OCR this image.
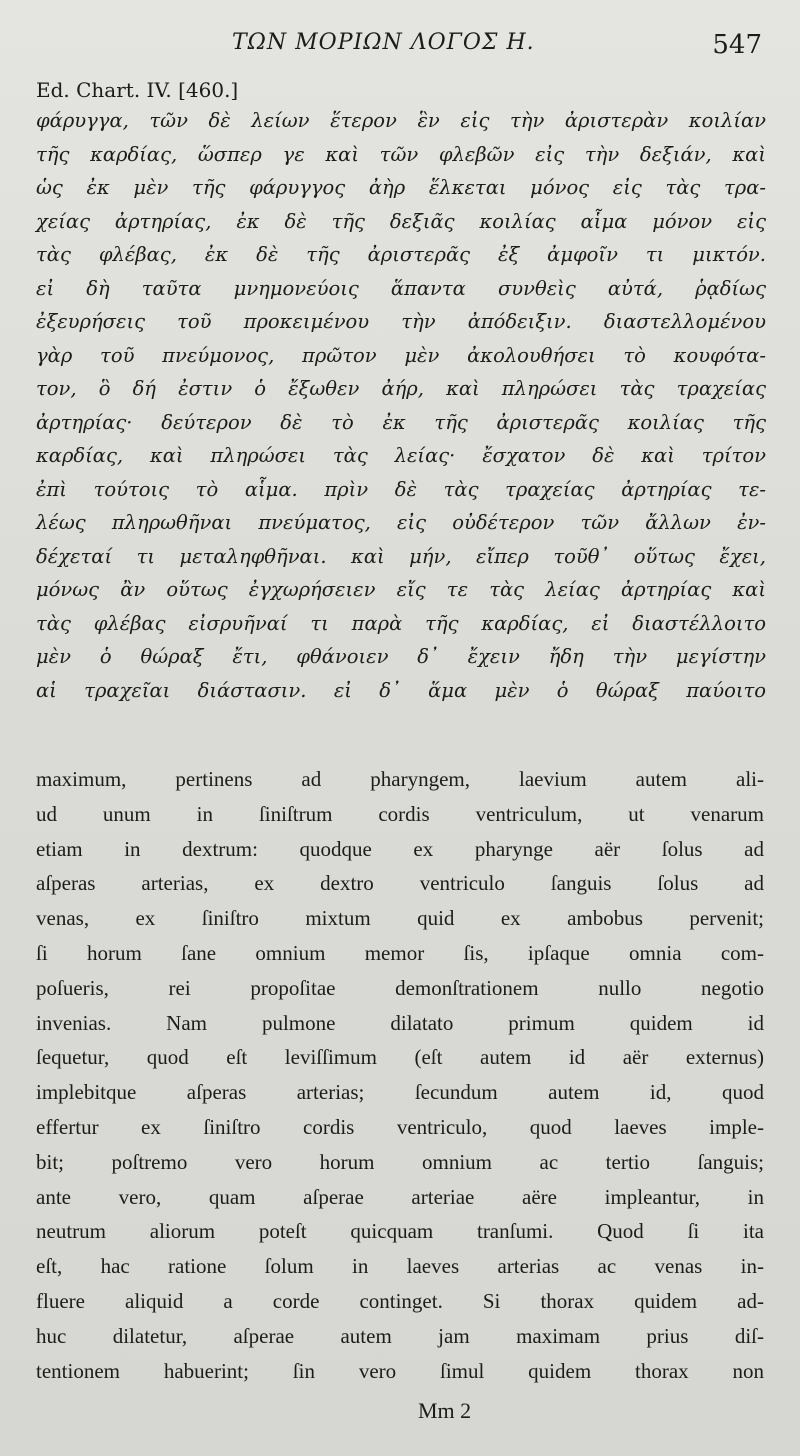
ΤΩΝ ΜΟΡΙΩΝ ΛΟΓΟΣ Η.	547
Ed. Chart. IV. [460.]
φάρυγγα, τῶν δὲ λείων ἕτερον ἓν εἰς τὴν ἀριστερὰν κοιλίαν
τῆς καρδίας, ὥσπερ γε καὶ τῶν φλεβῶν εἰς τὴν δεξιάν, καὶ
ὡς ἐκ μὲν τῆς φάρυγγος ἀὴρ ἕλκεται μόνος εἰς τὰς τρα-
χείας ἀρτηρίας, ἐκ δὲ τῆς δεξιᾶς κοιλίας αἷμα μόνον εἰς
τὰς φλέβας, ἐκ δὲ τῆς ἀριστερᾶς ἐξ ἀμφοῖν τι μικτόν.
εἰ δὴ ταῦτα μνημονεύοις ἅπαντα συνθεὶς αὐτά, ῥᾳδίως
ἐξευρήσεις τοῦ προκειμένου τὴν ἀπόδειξιν. διαστελλομένου
γὰρ τοῦ πνεύμονος, πρῶτον μὲν ἀκολουθήσει τὸ κουφότα-
τον, ὃ δή ἐστιν ὁ ἔξωθεν ἀήρ, καὶ πληρώσει τὰς τραχείας
ἀρτηρίας· δεύτερον δὲ τὸ ἐκ τῆς ἀριστερᾶς κοιλίας τῆς
καρδίας, καὶ πληρώσει τὰς λείας· ἔσχατον δὲ καὶ τρίτον
ἐπὶ τούτοις τὸ αἷμα. πρὶν δὲ τὰς τραχείας ἀρτηρίας τε-
λέως πληρωθῆναι πνεύματος, εἰς οὐδέτερον τῶν ἄλλων ἐν-
δέχεταί τι μεταληφθῆναι. καὶ μήν, εἴπερ τοῦθ᾽ οὕτως ἔχει,
μόνως ἂν οὕτως ἐγχωρήσειεν εἴς τε τὰς λείας ἀρτηρίας καὶ
τὰς φλέβας εἰσρυῆναί τι παρὰ τῆς καρδίας, εἰ διαστέλλοιτο
μὲν ὁ θώραξ ἔτι, φθάνοιεν δ᾽ ἔχειν ἤδη τὴν μεγίστην
αἱ τραχεῖαι διάστασιν. εἰ δ᾽ ἅμα μὲν ὁ θώραξ παύοιτο
maximum, pertinens ad pharyngem, laevium autem ali-
ud unum in ſiniſtrum cordis ventriculum, ut venarum
etiam in dextrum: quodque ex pharynge aër ſolus ad
aſperas arterias, ex dextro ventriculo ſanguis ſolus ad
venas, ex ſiniſtro mixtum quid ex ambobus pervenit;
ſi horum ſane omnium memor ſis, ipſaque omnia com-
poſueris, rei propoſitae demonſtrationem nullo negotio
invenias. Nam pulmone dilatato primum quidem id
ſequetur, quod eſt leviſſimum (eſt autem id aër externus)
implebitque aſperas arterias; ſecundum autem id, quod
effertur ex ſiniſtro cordis ventriculo, quod laeves imple-
bit; poſtremo vero horum omnium ac tertio ſanguis;
ante vero, quam aſperae arteriae aëre impleantur, in
neutrum aliorum poteſt quicquam tranſumi. Quod ſi ita
eſt, hac ratione ſolum in laeves arterias ac venas in-
fluere aliquid a corde continget. Si thorax quidem ad-
huc dilatetur, aſperae autem jam maximam prius diſ-
tentionem habuerint; ſin vero ſimul quidem thorax non
Mm 2
